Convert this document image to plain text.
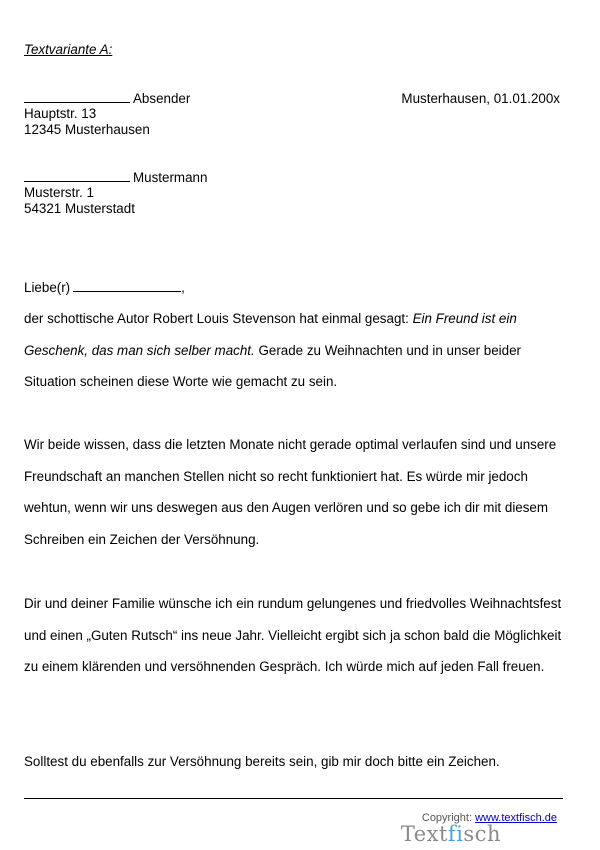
Textvariante A:
Absender
Hauptstr. 13
12345 Musterhausen
Musterhausen, 01.01.200x
Mustermann
Musterstr. 1
54321 Musterstadt
Liebe(r)	,
der schottische Autor Robert Louis Stevenson hat einmal gesagt: Ein Freund ist ein Geschenk, das man sich selber macht. Gerade zu Weihnachten und in unser beider Situation scheinen diese Worte wie gemacht zu sein.
Wir beide wissen, dass die letzten Monate nicht gerade optimal verlaufen sind und unsere Freundschaft an manchen Stellen nicht so recht funktioniert hat. Es würde mir jedoch wehtun, wenn wir uns deswegen aus den Augen verlören und so gebe ich dir mit diesem Schreiben ein Zeichen der Versöhnung.
Dir und deiner Familie wünsche ich ein rundum gelungenes und friedvolles Weihnachtsfest und einen „Guten Rutsch“ ins neue Jahr. Vielleicht ergibt sich ja schon bald die Möglichkeit zu einem klärenden und versöhnenden Gespräch. Ich würde mich auf jeden Fall freuen.
Solltest du ebenfalls zur Versöhnung bereits sein, gib mir doch bitte ein Zeichen.
Copyright: www.textfisch.de
Textfisch
